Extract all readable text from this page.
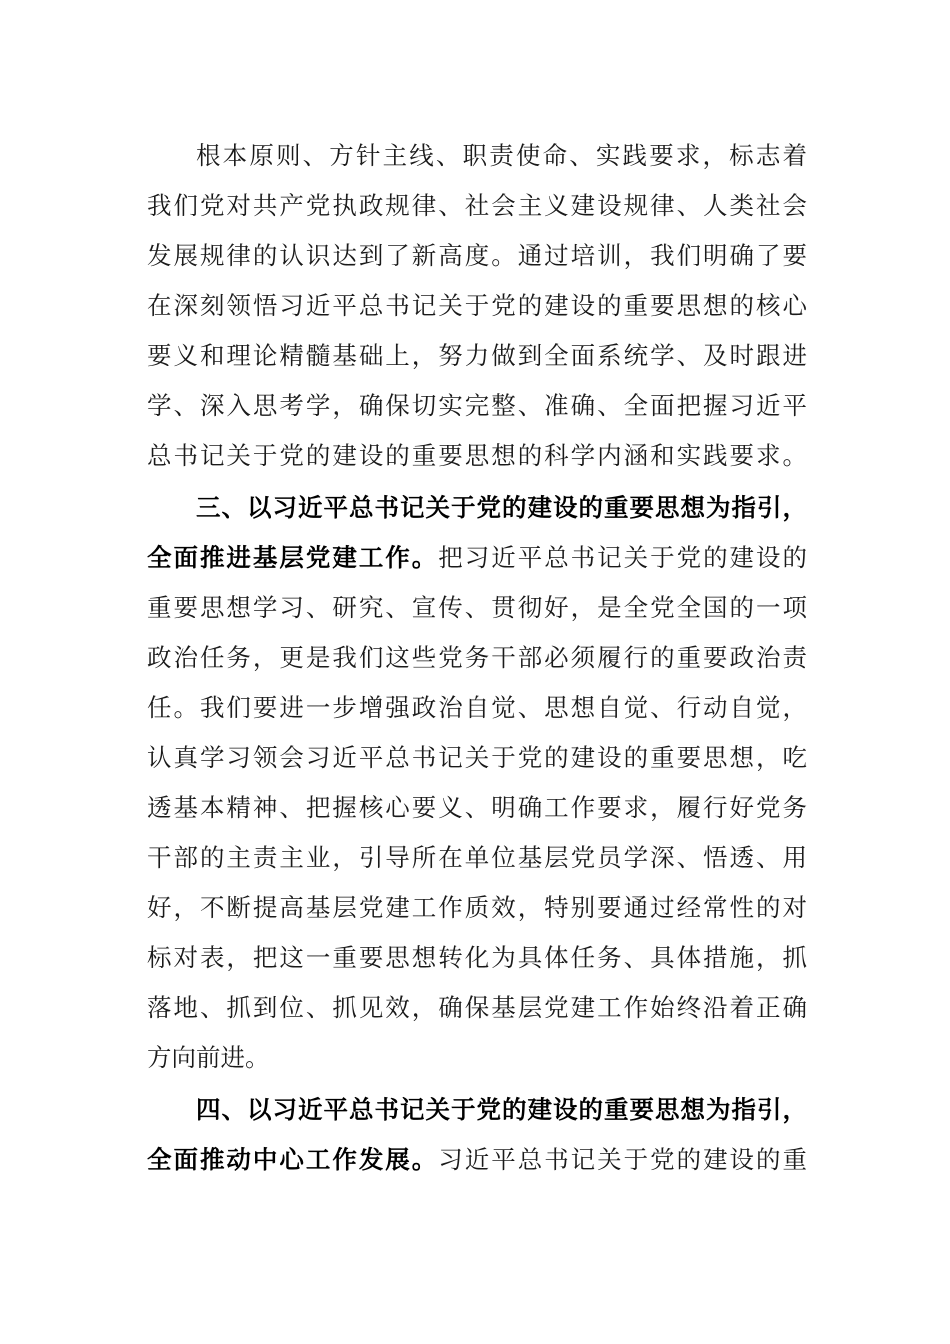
根本原则、方针主线、职责使命、实践要求，标志着
我们党对共产党执政规律、社会主义建设规律、人类社会
发展规律的认识达到了新高度。通过培训，我们明确了要
在深刻领悟习近平总书记关于党的建设的重要思想的核心
要义和理论精髓基础上，努力做到全面系统学、及时跟进
学、深入思考学，确保切实完整、准确、全面把握习近平
总书记关于党的建设的重要思想的科学内涵和实践要求。
三、以习近平总书记关于党的建设的重要思想为指引，
全面推进基层党建工作。把习近平总书记关于党的建设的
重要思想学习、研究、宣传、贯彻好，是全党全国的一项
政治任务，更是我们这些党务干部必须履行的重要政治责
任。我们要进一步增强政治自觉、思想自觉、行动自觉，
认真学习领会习近平总书记关于党的建设的重要思想，吃
透基本精神、把握核心要义、明确工作要求，履行好党务
干部的主责主业，引导所在单位基层党员学深、悟透、用
好，不断提高基层党建工作质效，特别要通过经常性的对
标对表，把这一重要思想转化为具体任务、具体措施，抓
落地、抓到位、抓见效，确保基层党建工作始终沿着正确
方向前进。
四、以习近平总书记关于党的建设的重要思想为指引，
全面推动中心工作发展。习近平总书记关于党的建设的重
